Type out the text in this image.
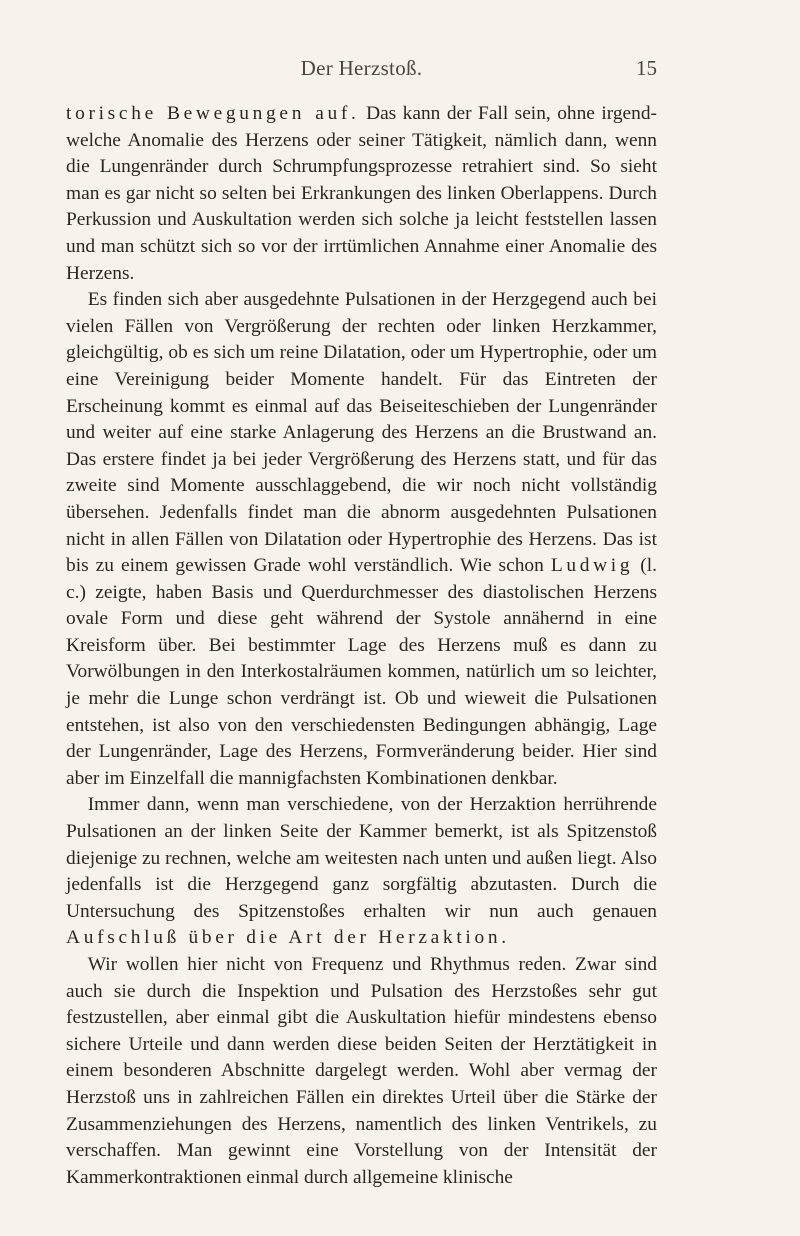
Der Herzstoß.	15

torische Bewegungen auf. Das kann der Fall sein, ohne irgendwelche Anomalie des Herzens oder seiner Tätigkeit, nämlich dann, wenn die Lungenränder durch Schrumpfungsprozesse retrahiert sind. So sieht man es gar nicht so selten bei Erkrankungen des linken Oberlappens. Durch Perkussion und Auskultation werden sich solche ja leicht feststellen lassen und man schützt sich so vor der irrtümlichen Annahme einer Anomalie des Herzens.

Es finden sich aber ausgedehnte Pulsationen in der Herzgegend auch bei vielen Fällen von Vergrößerung der rechten oder linken Herzkammer, gleichgültig, ob es sich um reine Dilatation, oder um Hypertrophie, oder um eine Vereinigung beider Momente handelt. Für das Eintreten der Erscheinung kommt es einmal auf das Beiseiteschieben der Lungenränder und weiter auf eine starke Anlagerung des Herzens an die Brustwand an. Das erstere findet ja bei jeder Vergrößerung des Herzens statt, und für das zweite sind Momente ausschlaggebend, die wir noch nicht vollständig übersehen. Jedenfalls findet man die abnorm ausgedehnten Pulsationen nicht in allen Fällen von Dilatation oder Hypertrophie des Herzens. Das ist bis zu einem gewissen Grade wohl verständlich. Wie schon Ludwig (l. c.) zeigte, haben Basis und Querdurchmesser des diastolischen Herzens ovale Form und diese geht während der Systole annähernd in eine Kreisform über. Bei bestimmter Lage des Herzens muß es dann zu Vorwölbungen in den Interkostalräumen kommen, natürlich um so leichter, je mehr die Lunge schon verdrängt ist. Ob und wieweit die Pulsationen entstehen, ist also von den verschiedensten Bedingungen abhängig, Lage der Lungenränder, Lage des Herzens, Formveränderung beider. Hier sind aber im Einzelfall die mannigfachsten Kombinationen denkbar.

Immer dann, wenn man verschiedene, von der Herzaktion herrührende Pulsationen an der linken Seite der Kammer bemerkt, ist als Spitzenstoß diejenige zu rechnen, welche am weitesten nach unten und außen liegt. Also jedenfalls ist die Herzgegend ganz sorgfältig abzutasten. Durch die Untersuchung des Spitzenstoßes erhalten wir nun auch genauen Aufschluß über die Art der Herzaktion.

Wir wollen hier nicht von Frequenz und Rhythmus reden. Zwar sind auch sie durch die Inspektion und Pulsation des Herzstoßes sehr gut festzustellen, aber einmal gibt die Auskultation hiefür mindestens ebenso sichere Urteile und dann werden diese beiden Seiten der Herztätigkeit in einem besonderen Abschnitte dargelegt werden. Wohl aber vermag der Herzstoß uns in zahlreichen Fällen ein direktes Urteil über die Stärke der Zusammenziehungen des Herzens, namentlich des linken Ventrikels, zu verschaffen. Man gewinnt eine Vorstellung von der Intensität der Kammerkontraktionen einmal durch allgemeine klinische
